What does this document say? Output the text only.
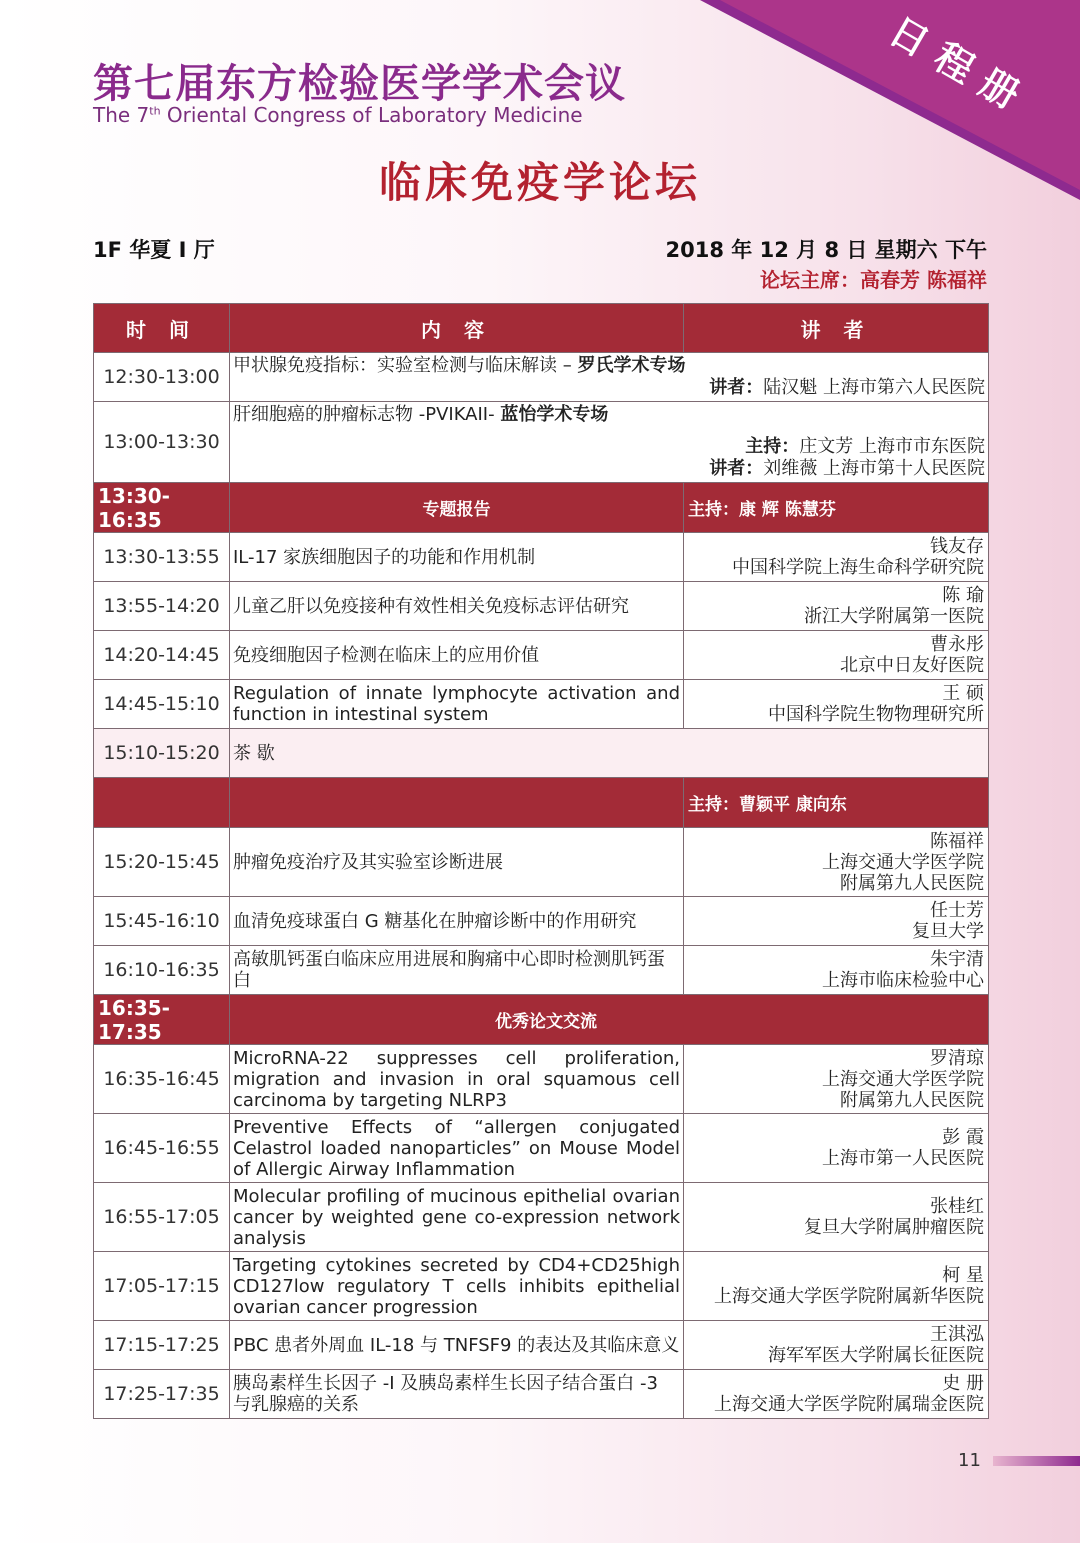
日程册
第七届东方检验医学学术会议
The 7th Oriental Congress of Laboratory Medicine
临床免疫学论坛
1F 华夏 I 厅	2018 年 12 月 8 日 星期六 下午
论坛主席：高春芳 陈福祥
时 间	内 容	讲 者
12:30-13:00	甲状腺免疫指标：实验室检测与临床解读 – 罗氏学术专场
讲者：陆汉魁 上海市第六人民医院	

13:00-13:30	肝细胞癌的肿瘤标志物 -PVIKAII- 蓝怡学术专场
主持：庄文芳 上海市市东医院
讲者：刘维薇 上海市第十人民医院	

13:30-16:35	专题报告	主持：康 辉 陈慧芬
13:30-13:55	IL-17 家族细胞因子的功能和作用机制	钱友存
中国科学院上海生命科学研究院

13:55-14:20	儿童乙肝以免疫接种有效性相关免疫标志评估研究	陈 瑜
浙江大学附属第一医院

14:20-14:45	免疫细胞因子检测在临床上的应用价值	曹永彤
北京中日友好医院

14:45-15:10	Regulation of innate lymphocyte activation and function in intestinal system	王 硕
中国科学院生物物理研究所

15:10-15:20	茶 歇	
		主持：曹颖平 康向东
15:20-15:45	肿瘤免疫治疗及其实验室诊断进展	陈福祥
上海交通大学医学院
附属第九人民医院

15:45-16:10	血清免疫球蛋白 G 糖基化在肿瘤诊断中的作用研究	任士芳
复旦大学

16:10-16:35	高敏肌钙蛋白临床应用进展和胸痛中心即时检测肌钙蛋白	朱宇清
上海市临床检验中心

16:35-17:35	优秀论文交流	
16:35-16:45	MicroRNA-22 suppresses cell proliferation, migration and invasion in oral squamous cell carcinoma by targeting NLRP3	罗清琼
上海交通大学医学院
附属第九人民医院

16:45-16:55	Preventive Effects of “allergen conjugated Celastrol loaded nanoparticles” on Mouse Model of Allergic Airway Inflammation	彭 霞
上海市第一人民医院

16:55-17:05	Molecular profiling of mucinous epithelial ovarian cancer by weighted gene co-expression network analysis	张桂红
复旦大学附属肿瘤医院

17:05-17:15	Targeting cytokines secreted by CD4+CD25high CD127low regulatory T cells inhibits epithelial ovarian cancer progression	柯 星
上海交通大学医学院附属新华医院

17:15-17:25	PBC 患者外周血 IL-18 与 TNFSF9 的表达及其临床意义	王淇泓
海军军医大学附属长征医院

17:25-17:35	胰岛素样生长因子 -I 及胰岛素样生长因子结合蛋白 -3 与乳腺癌的关系	史 册
上海交通大学医学院附属瑞金医院
11
